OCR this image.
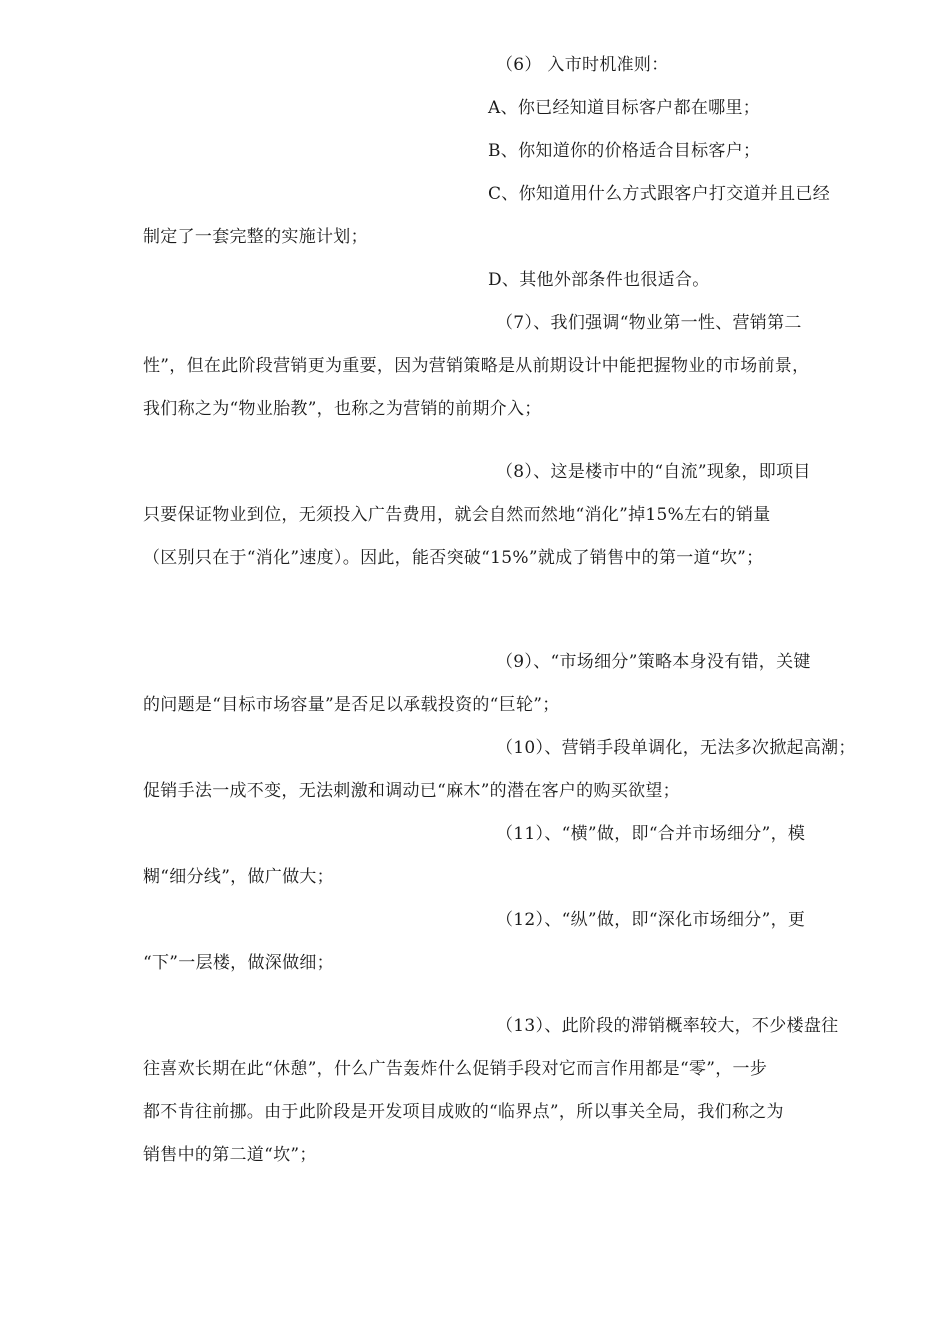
（6） 入市时机准则：
A、你已经知道目标客户都在哪里；
B、你知道你的价格适合目标客户；
C、你知道用什么方式跟客户打交道并且已经
制定了一套完整的实施计划；
D、其他外部条件也很适合。
（7）、我们强调“物业第一性、营销第二
性”，但在此阶段营销更为重要，因为营销策略是从前期设计中能把握物业的市场前景，
我们称之为“物业胎教”，也称之为营销的前期介入；
（8）、这是楼市中的“自流”现象，即项目
只要保证物业到位，无须投入广告费用，就会自然而然地“消化”掉15%左右的销量
（区别只在于“消化”速度）。因此，能否突破“15%”就成了销售中的第一道“坎”；
（9）、“市场细分”策略本身没有错，关键
的问题是“目标市场容量”是否足以承载投资的“巨轮”；
（10）、营销手段单调化，无法多次掀起高潮；
促销手法一成不变，无法刺激和调动已“麻木”的潜在客户的购买欲望；
（11）、“横”做，即“合并市场细分”，模
糊“细分线”，做广做大；
（12）、“纵”做，即“深化市场细分”，更
“下”一层楼，做深做细；
（13）、此阶段的滞销概率较大，不少楼盘往
往喜欢长期在此“休憩”，什么广告轰炸什么促销手段对它而言作用都是“零”，一步
都不肯往前挪。由于此阶段是开发项目成败的“临界点”，所以事关全局，我们称之为
销售中的第二道“坎”；
